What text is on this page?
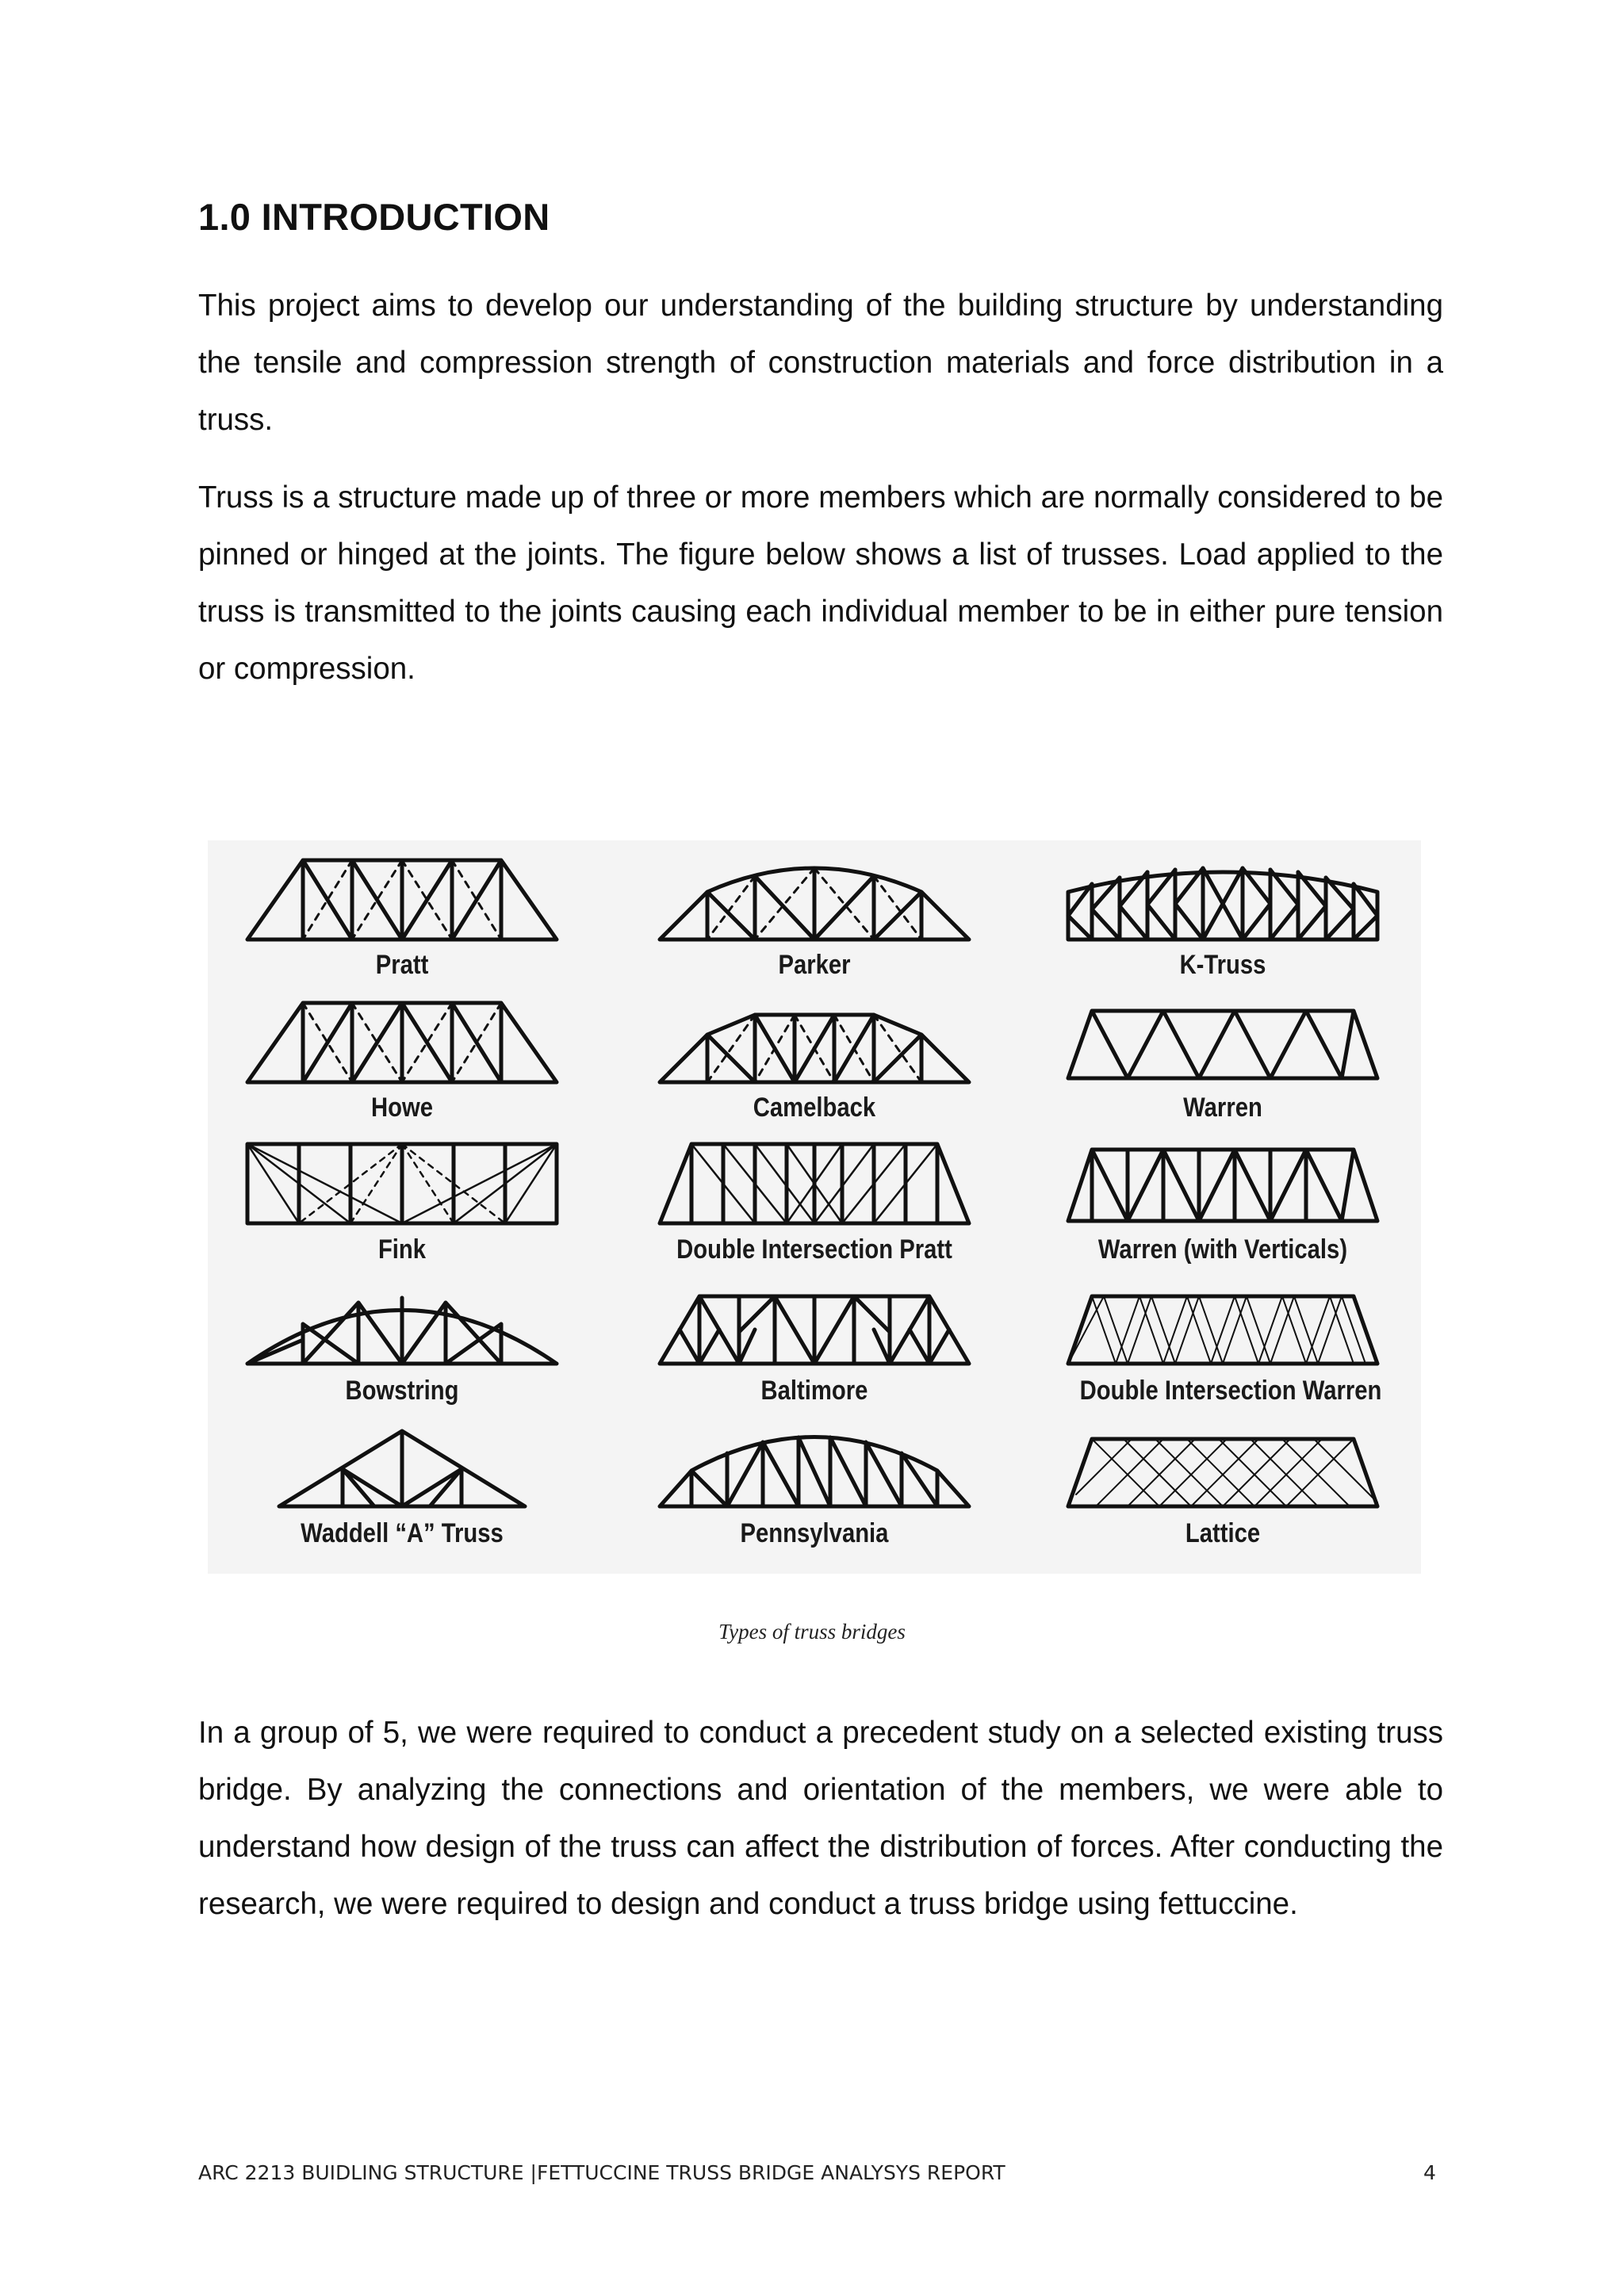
1.0 INTRODUCTION
This project aims to develop our understanding of the building structure by understanding the tensile and compression strength of construction materials and force distribution in a truss.
Truss is a structure made up of three or more members which are normally considered to be pinned or hinged at the joints. The figure below shows a list of trusses. Load applied to the truss is transmitted to the joints causing each individual member to be in either pure tension or compression.
Pratt	Parker	K-Truss
Howe	Camelback	Warren
Fink	Double Intersection Pratt	Warren (with Verticals)
Bowstring	Baltimore	Double Intersection Warren
Waddell “A” Truss	Pennsylvania	Lattice
Types of truss bridges
In a group of 5, we were required to conduct a precedent study on a selected existing truss bridge. By analyzing the connections and orientation of the members, we were able to understand how design of the truss can affect the distribution of forces. After conducting the research, we were required to design and conduct a truss bridge using fettuccine.
ARC 2213 BUIDLING STRUCTURE |FETTUCCINE TRUSS BRIDGE ANALYSYS REPORT	4
